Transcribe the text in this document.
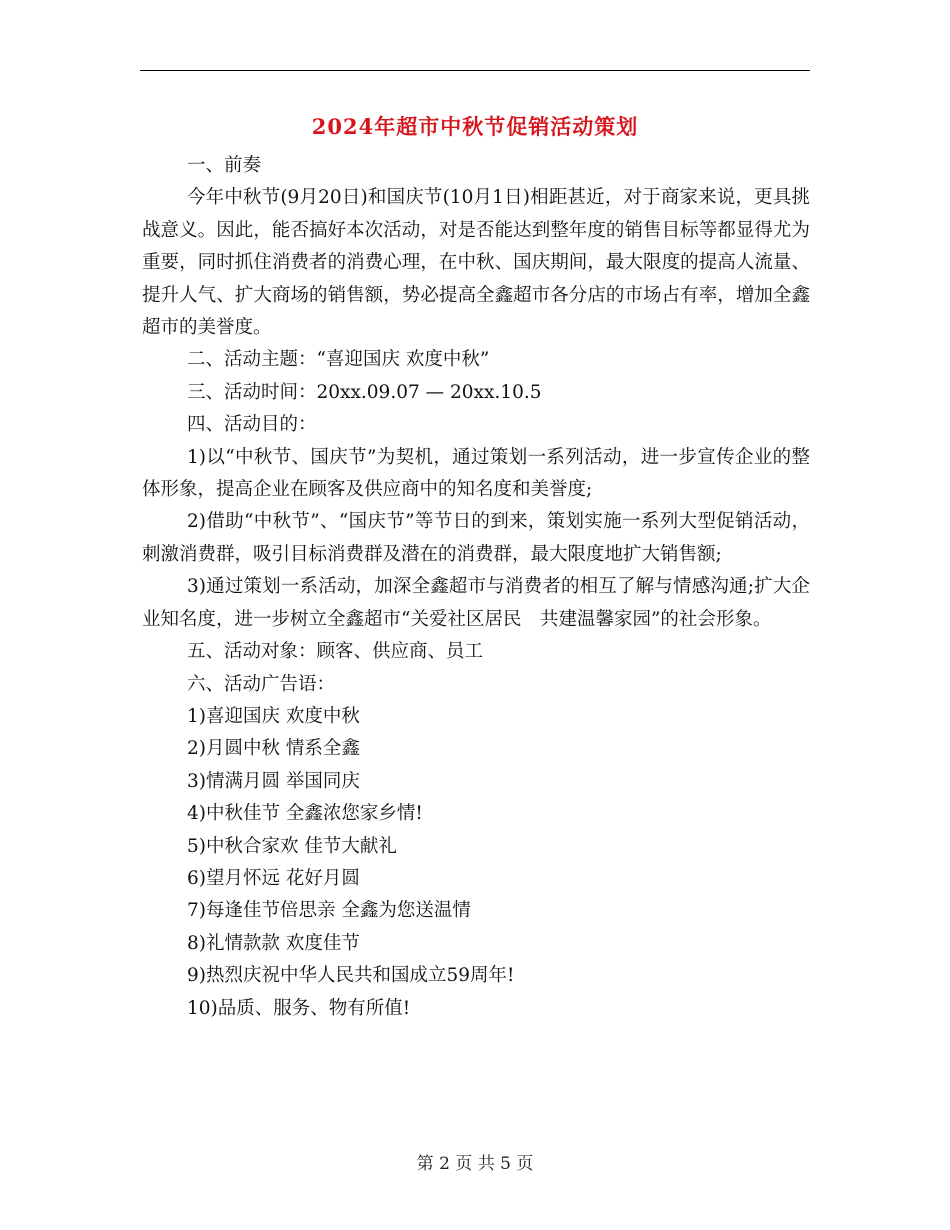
2024年超市中秋节促销活动策划

一、前奏

今年中秋节(9月20日)和国庆节(10月1日)相距甚近，对于商家来说，更具挑战意义。因此，能否搞好本次活动，对是否能达到整年度的销售目标等都显得尤为重要，同时抓住消费者的消费心理，在中秋、国庆期间，最大限度的提高人流量、提升人气、扩大商场的销售额，势必提高全鑫超市各分店的市场占有率，增加全鑫超市的美誉度。

二、活动主题：“喜迎国庆 欢度中秋”

三、活动时间：20xx.09.07 — 20xx.10.5

四、活动目的：

1)以“中秋节、国庆节”为契机，通过策划一系列活动，进一步宣传企业的整体形象，提高企业在顾客及供应商中的知名度和美誉度;

2)借助“中秋节”、“国庆节”等节日的到来，策划实施一系列大型促销活动，刺激消费群，吸引目标消费群及潜在的消费群，最大限度地扩大销售额;

3)通过策划一系活动，加深全鑫超市与消费者的相互了解与情感沟通;扩大企业知名度，进一步树立全鑫超市“关爱社区居民　共建温馨家园”的社会形象。

五、活动对象：顾客、供应商、员工

六、活动广告语：

1)喜迎国庆 欢度中秋

2)月圆中秋 情系全鑫

3)情满月圆 举国同庆

4)中秋佳节 全鑫浓您家乡情!

5)中秋合家欢 佳节大献礼

6)望月怀远 花好月圆

7)每逢佳节倍思亲 全鑫为您送温情

8)礼情款款 欢度佳节

9)热烈庆祝中华人民共和国成立59周年!

10)品质、服务、物有所值!

第 2 页 共 5 页
